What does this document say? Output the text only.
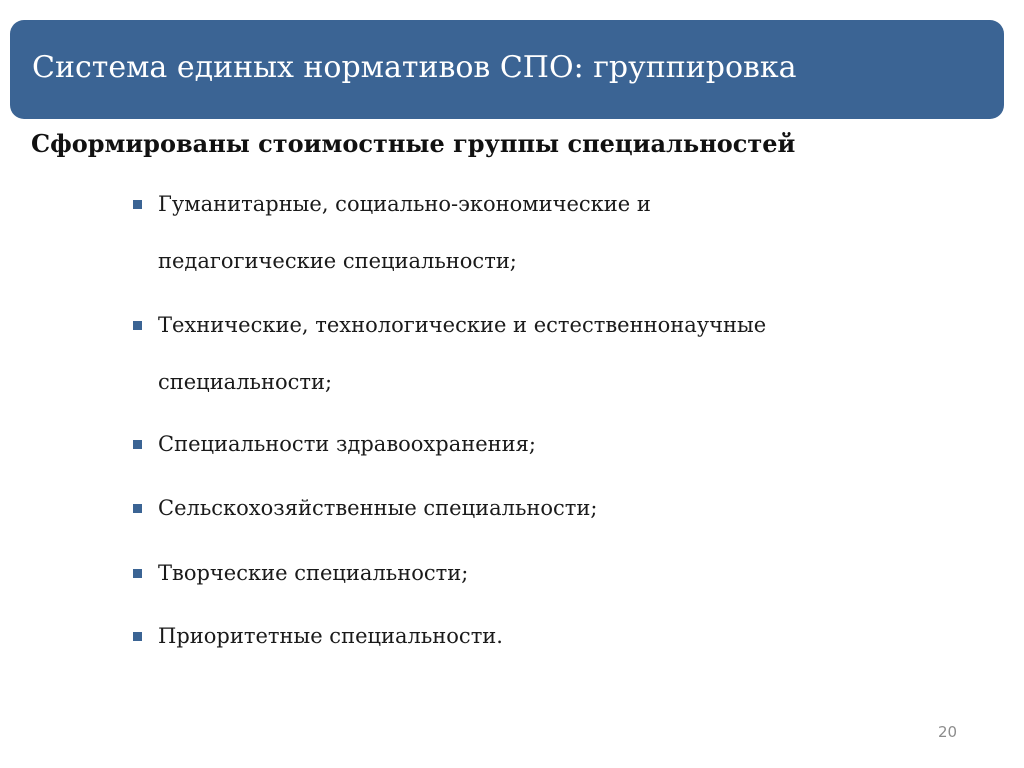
Система единых нормативов СПО: группировка
Сформированы стоимостные группы специальностей
Гуманитарные, социально-экономические и
педагогические специальности;
Технические, технологические и естественнонаучные
специальности;
Специальности здравоохранения;
Сельскохозяйственные специальности;
Творческие специальности;
Приоритетные специальности.
20
